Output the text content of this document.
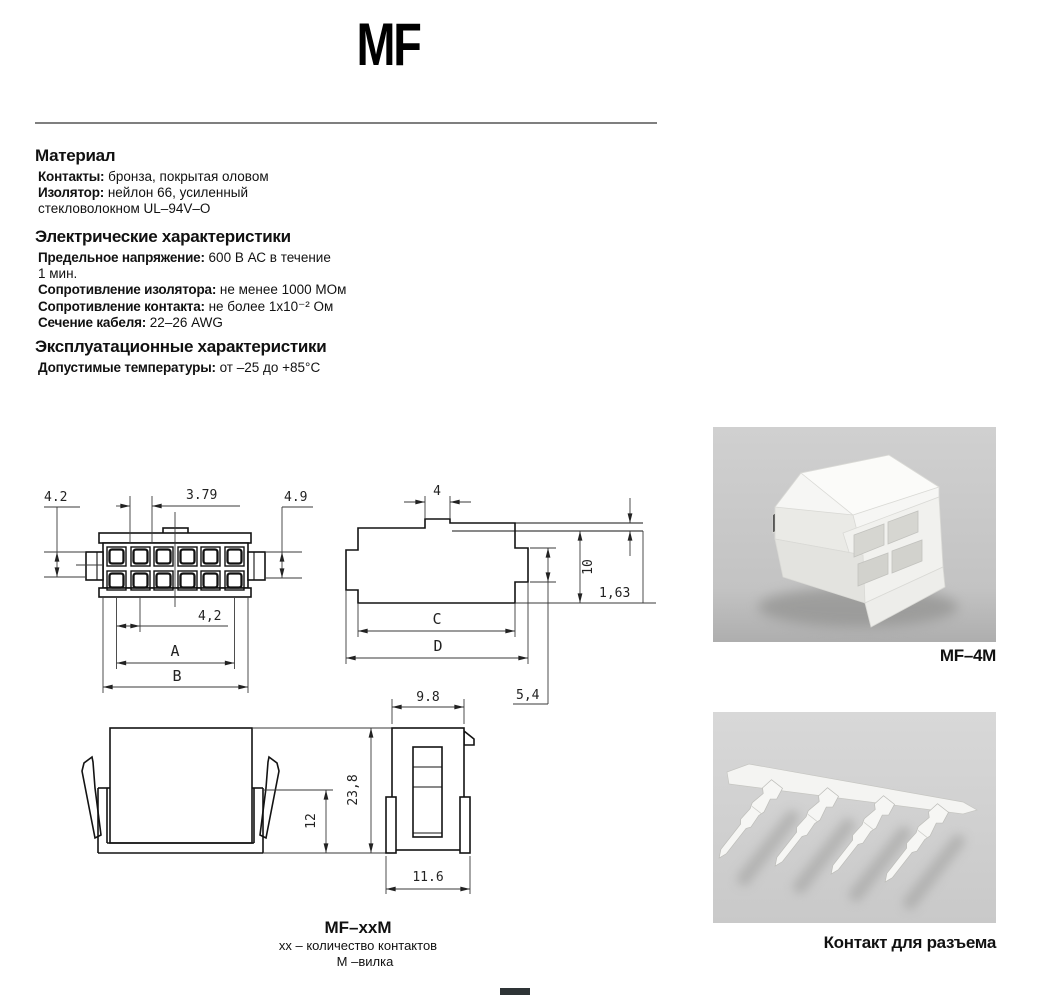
MF
Материал
Контакты: бронза, покрытая оловом
Изолятор: нейлон 66, усиленный
стекловолокном UL–94V–O
Электрические характеристики
Предельное напряжение: 600 В АС в течение
1 мин.
Сопротивление изолятора: не менее 1000 МОм
Сопротивление контакта: не более 1x10⁻² Ом
Сечение кабеля: 22–26 AWG
Эксплуатационные характеристики
Допустимые температуры: от –25 до +85°C
4.2	3.79	4.9
4,2
A
B
4
10
1,63
C
D
5,4
12
23,8
9.8
11.6
MF–xxM
хх – количество контактов
М –вилка
MF–4M
Контакт для разъема
